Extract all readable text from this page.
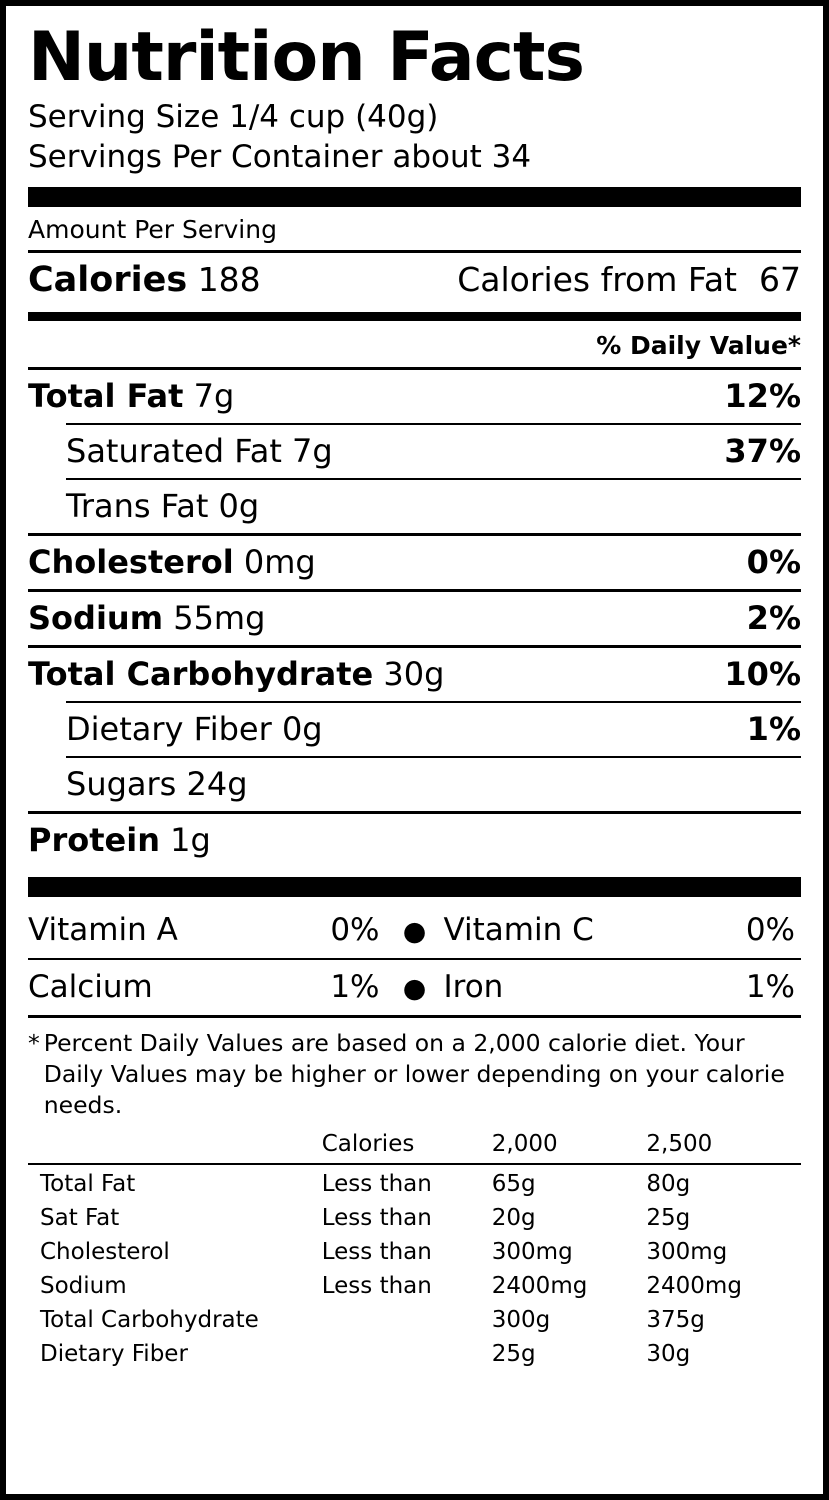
Nutrition Facts
Serving Size 1/4 cup (40g)
Servings Per Container about 34
Amount Per Serving
Calories 188	Calories from Fat 67
% Daily Value*
Total Fat 7g	12%
Saturated Fat 7g	37%
Trans Fat 0g
Cholesterol 0mg	0%
Sodium 55mg	2%
Total Carbohydrate 30g	10%
Dietary Fiber 0g	1%
Sugars 24g
Protein 1g
Vitamin A	0% ● Vitamin C	0%
Calcium	1% ● Iron	1%
* Percent Daily Values are based on a 2,000 calorie diet. Your Daily Values may be higher or lower depending on your calorie needs.
	Calories	2,000	2,500
Total Fat	Less than	65g	80g
Sat Fat	Less than	20g	25g
Cholesterol	Less than	300mg	300mg
Sodium	Less than	2400mg	2400mg
Total Carbohydrate		300g	375g
Dietary Fiber		25g	30g
